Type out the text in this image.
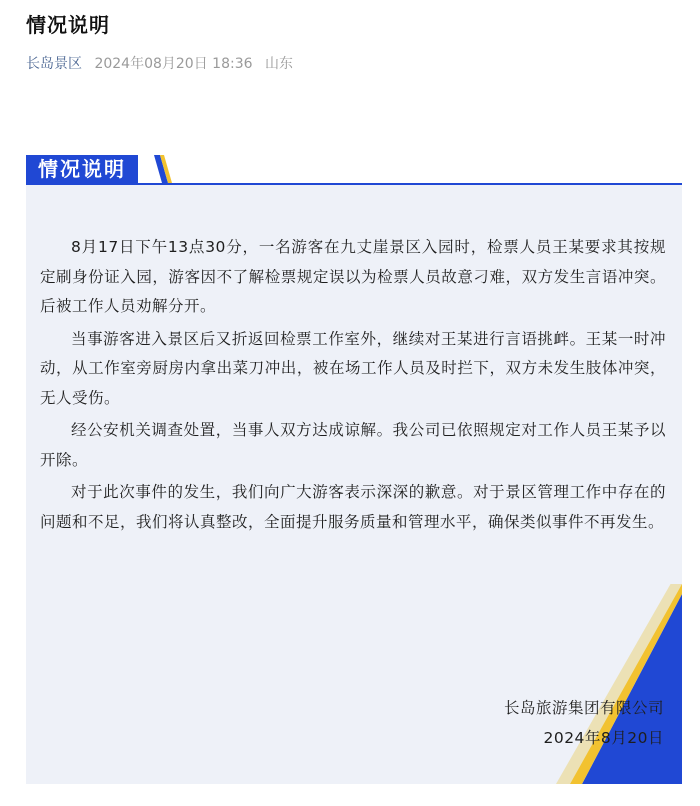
情况说明
长岛景区 2024年08月20日 18:36 山东
情况说明

8月17日下午13点30分，一名游客在九丈崖景区入园时，检票人员王某要求其按规定刷身份证入园，游客因不了解检票规定误以为检票人员故意刁难，双方发生言语冲突。后被工作人员劝解分开。

当事游客进入景区后又折返回检票工作室外，继续对王某进行言语挑衅。王某一时冲动，从工作室旁厨房内拿出菜刀冲出，被在场工作人员及时拦下，双方未发生肢体冲突，无人受伤。

经公安机关调查处置，当事人双方达成谅解。我公司已依照规定对工作人员王某予以开除。

对于此次事件的发生，我们向广大游客表示深深的歉意。对于景区管理工作中存在的问题和不足，我们将认真整改，全面提升服务质量和管理水平，确保类似事件不再发生。

长岛旅游集团有限公司
2024年8月20日
